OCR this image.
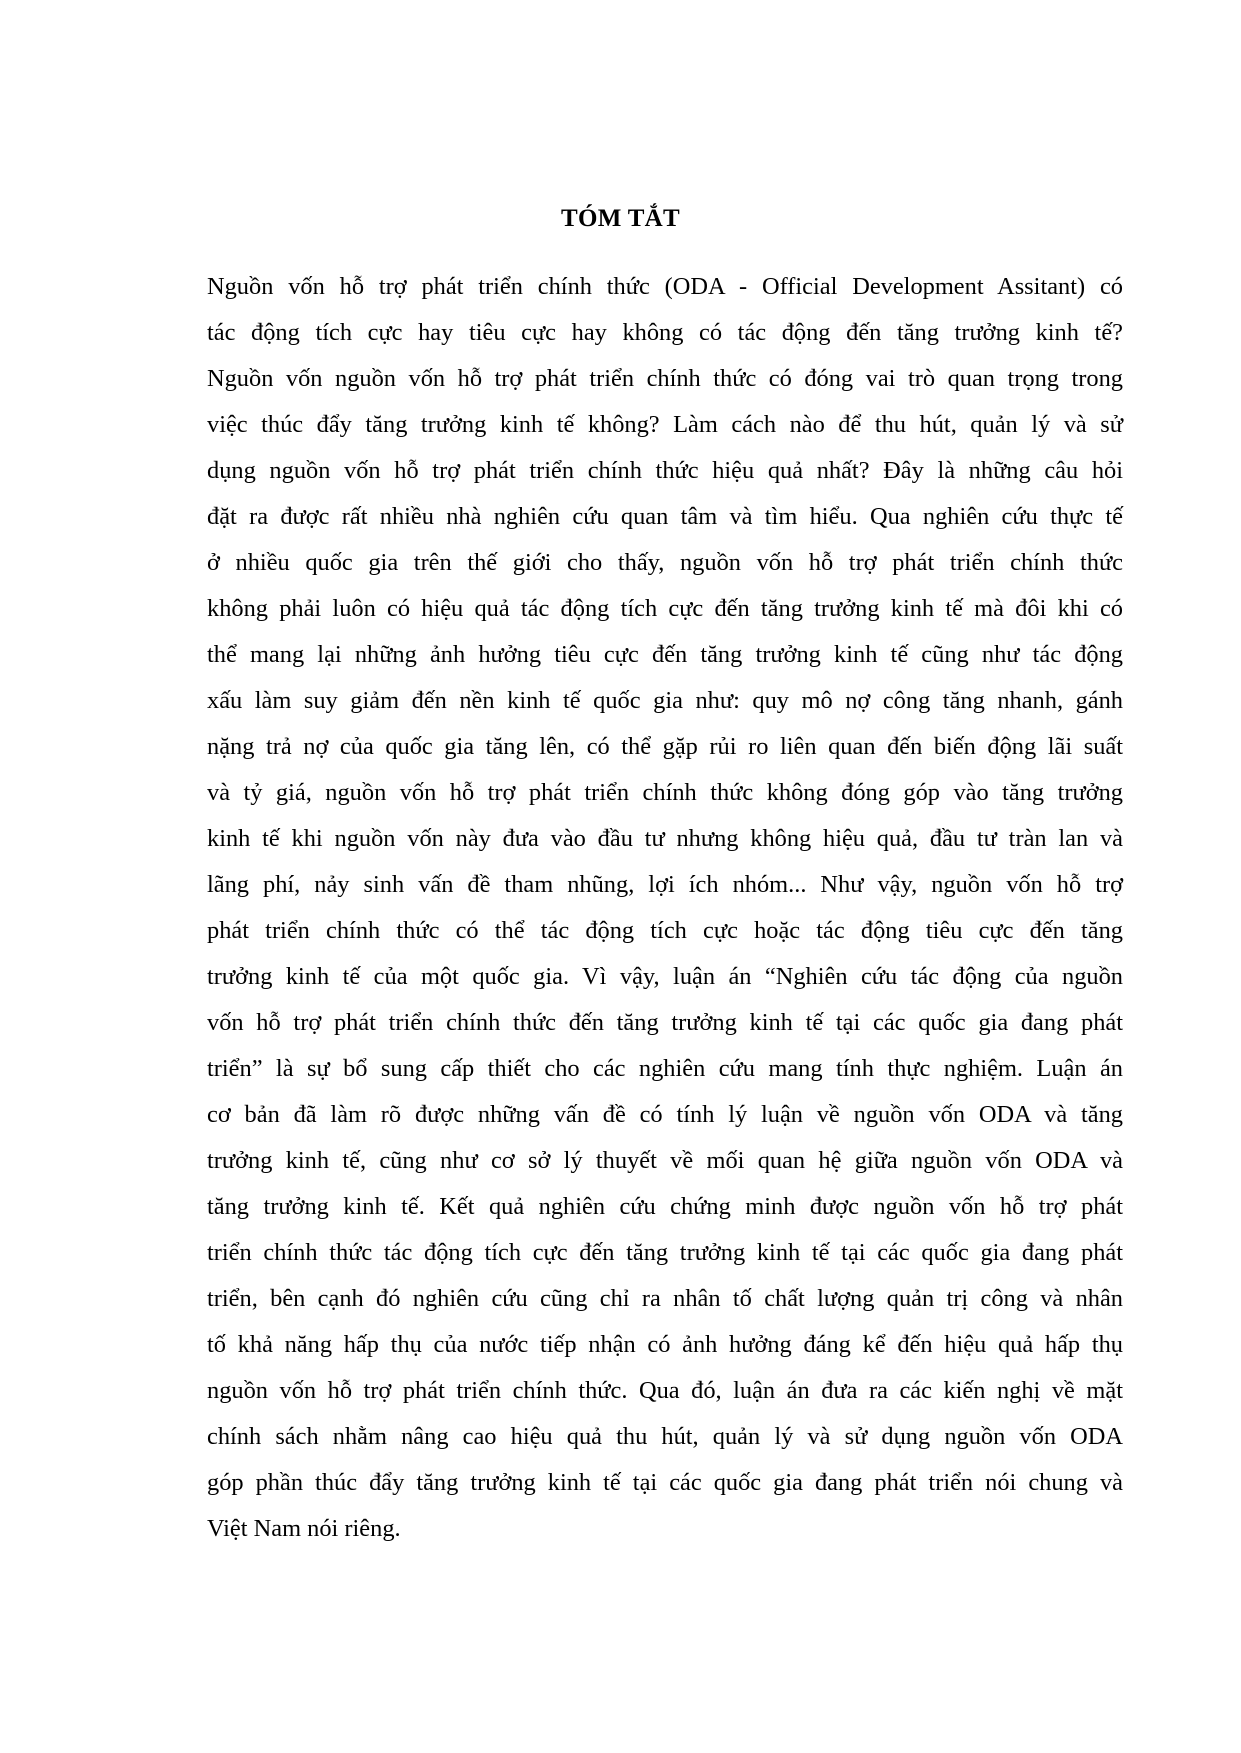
TÓM TẮT
Nguồn vốn hỗ trợ phát triển chính thức (ODA - Official Development Assitant) có
tác động tích cực hay tiêu cực hay không có tác động đến tăng trưởng kinh tế?
Nguồn vốn nguồn vốn hỗ trợ phát triển chính thức có đóng vai trò quan trọng trong
việc thúc đẩy tăng trưởng kinh tế không? Làm cách nào để thu hút, quản lý và sử
dụng nguồn vốn hỗ trợ phát triển chính thức hiệu quả nhất? Đây là những câu hỏi
đặt ra được rất nhiều nhà nghiên cứu quan tâm và tìm hiểu. Qua nghiên cứu thực tế
ở nhiều quốc gia trên thế giới cho thấy, nguồn vốn hỗ trợ phát triển chính thức
không phải luôn có hiệu quả tác động tích cực đến tăng trưởng kinh tế mà đôi khi có
thể mang lại những ảnh hưởng tiêu cực đến tăng trưởng kinh tế cũng như tác động
xấu làm suy giảm đến nền kinh tế quốc gia như: quy mô nợ công tăng nhanh, gánh
nặng trả nợ của quốc gia tăng lên, có thể gặp rủi ro liên quan đến biến động lãi suất
và tỷ giá, nguồn vốn hỗ trợ phát triển chính thức không đóng góp vào tăng trưởng
kinh tế khi nguồn vốn này đưa vào đầu tư nhưng không hiệu quả, đầu tư tràn lan và
lãng phí, nảy sinh vấn đề tham nhũng, lợi ích nhóm... Như vậy, nguồn vốn hỗ trợ
phát triển chính thức có thể tác động tích cực hoặc tác động tiêu cực đến tăng
trưởng kinh tế của một quốc gia. Vì vậy, luận án “Nghiên cứu tác động của nguồn
vốn hỗ trợ phát triển chính thức đến tăng trưởng kinh tế tại các quốc gia đang phát
triển” là sự bổ sung cấp thiết cho các nghiên cứu mang tính thực nghiệm. Luận án
cơ bản đã làm rõ được những vấn đề có tính lý luận về nguồn vốn ODA và tăng
trưởng kinh tế, cũng như cơ sở lý thuyết về mối quan hệ giữa nguồn vốn ODA và
tăng trưởng kinh tế. Kết quả nghiên cứu chứng minh được nguồn vốn hỗ trợ phát
triển chính thức tác động tích cực đến tăng trưởng kinh tế tại các quốc gia đang phát
triển, bên cạnh đó nghiên cứu cũng chỉ ra nhân tố chất lượng quản trị công và nhân
tố khả năng hấp thụ của nước tiếp nhận có ảnh hưởng đáng kể đến hiệu quả hấp thụ
nguồn vốn hỗ trợ phát triển chính thức. Qua đó, luận án đưa ra các kiến nghị về mặt
chính sách nhằm nâng cao hiệu quả thu hút, quản lý và sử dụng nguồn vốn ODA
góp phần thúc đẩy tăng trưởng kinh tế tại các quốc gia đang phát triển nói chung và
Việt Nam nói riêng.
